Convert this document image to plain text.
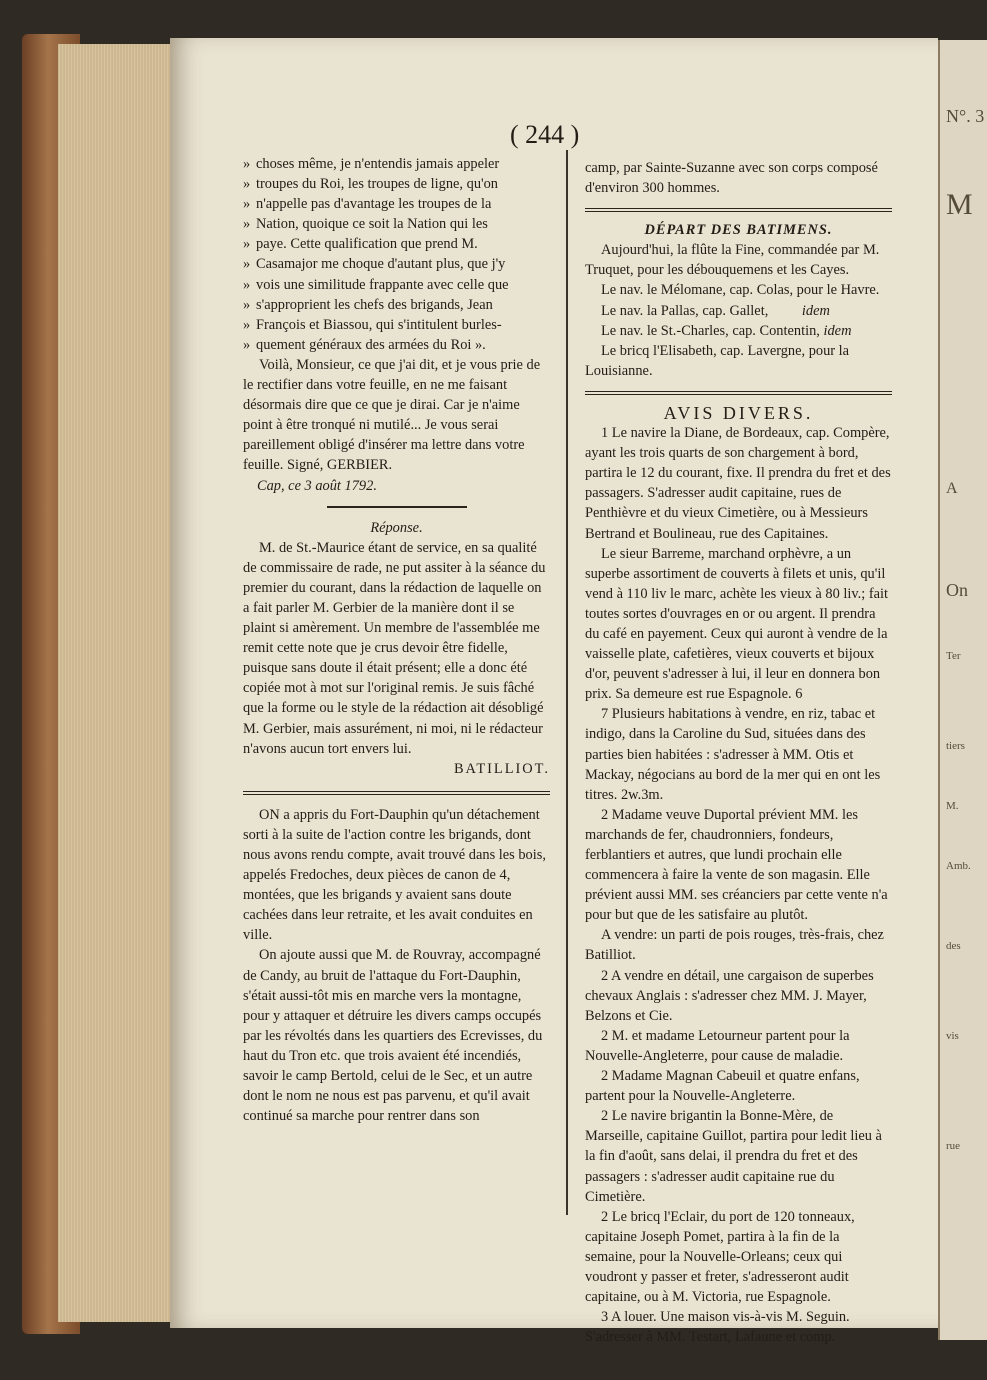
N°. 3
M
A
On
Ter
tiers
M.
Amb.
des
vis
rue
( 244 )

» choses même, je n'entendis jamais appeler

» troupes du Roi, les troupes de ligne, qu'on

» n'appelle pas d'avantage les troupes de la

» Nation, quoique ce soit la Nation qui les

» paye. Cette qualification que prend M.

» Casamajor me choque d'autant plus, que j'y

» vois une similitude frappante avec celle que

» s'approprient les chefs des brigands, Jean

» François et Biassou, qui s'intitulent burles-

» quement généraux des armées du Roi ».

Voilà, Monsieur, ce que j'ai dit, et je vous prie de le rectifier dans votre feuille, en ne me faisant désormais dire que ce que je dirai. Car je n'aime point à être tronqué ni mutilé... Je vous serai pareillement obligé d'insérer ma lettre dans votre feuille. Signé, GERBIER.

Cap, ce 3 août 1792.

Réponse.

M. de St.-Maurice étant de service, en sa qualité de commissaire de rade, ne put assiter à la séance du premier du courant, dans la rédaction de laquelle on a fait parler M. Gerbier de la manière dont il se plaint si amèrement. Un membre de l'assemblée me remit cette note que je crus devoir être fidelle, puisque sans doute il était présent; elle a donc été copiée mot à mot sur l'original remis. Je suis fâché que la forme ou le style de la rédaction ait désobligé M. Gerbier, mais assurément, ni moi, ni le rédacteur n'avons aucun tort envers lui.

BATILLIOT.

ON a appris du Fort-Dauphin qu'un détachement sorti à la suite de l'action contre les brigands, dont nous avons rendu compte, avait trouvé dans les bois, appelés Fredoches, deux pièces de canon de 4, montées, que les brigands y avaient sans doute cachées dans leur retraite, et les avait conduites en ville.

On ajoute aussi que M. de Rouvray, accompagné de Candy, au bruit de l'attaque du Fort-Dauphin, s'était aussi-tôt mis en marche vers la montagne, pour y attaquer et détruire les divers camps occupés par les révoltés dans les quartiers des Ecrevisses, du haut du Tron etc. que trois avaient été incendiés, savoir le camp Bertold, celui de le Sec, et un autre dont le nom ne nous est pas parvenu, et qu'il avait continué sa marche pour rentrer dans son

camp, par Sainte-Suzanne avec son corps composé d'environ 300 hommes.

DÉPART DES BATIMENS.

Aujourd'hui, la flûte la Fine, commandée par M. Truquet, pour les débouquemens et les Cayes.

Le nav. le Mélomane, cap. Colas, pour le Havre.

Le nav. la Pallas, cap. Gallet, idem

Le nav. le St.-Charles, cap. Contentin, idem

Le bricq l'Elisabeth, cap. Lavergne, pour la Louisianne.

AVIS DIVERS.

1 Le navire la Diane, de Bordeaux, cap. Compère, ayant les trois quarts de son chargement à bord, partira le 12 du courant, fixe. Il prendra du fret et des passagers. S'adresser audit capitaine, rues de Penthièvre et du vieux Cimetière, ou à Messieurs Bertrand et Boulineau, rue des Capitaines.

Le sieur Barreme, marchand orphèvre, a un superbe assortiment de couverts à filets et unis, qu'il vend à 110 liv le marc, achète les vieux à 80 liv.; fait toutes sortes d'ouvrages en or ou argent. Il prendra du café en payement. Ceux qui auront à vendre de la vaisselle plate, cafetières, vieux couverts et bijoux d'or, peuvent s'adresser à lui, il leur en donnera bon prix. Sa demeure est rue Espagnole. 6

7 Plusieurs habitations à vendre, en riz, tabac et indigo, dans la Caroline du Sud, situées dans des parties bien habitées : s'adresser à MM. Otis et Mackay, négocians au bord de la mer qui en ont les titres. 2w.3m.

2 Madame veuve Duportal prévient MM. les marchands de fer, chaudronniers, fondeurs, ferblantiers et autres, que lundi prochain elle commencera à faire la vente de son magasin. Elle prévient aussi MM. ses créanciers par cette vente n'a pour but que de les satisfaire au plutôt.

A vendre: un parti de pois rouges, très-frais, chez Batilliot.

2 A vendre en détail, une cargaison de superbes chevaux Anglais : s'adresser chez MM. J. Mayer, Belzons et Cie.

2 M. et madame Letourneur partent pour la Nouvelle-Angleterre, pour cause de maladie.

2 Madame Magnan Cabeuil et quatre enfans, partent pour la Nouvelle-Angleterre.

2 Le navire brigantin la Bonne-Mère, de Marseille, capitaine Guillot, partira pour ledit lieu à la fin d'août, sans delai, il prendra du fret et des passagers : s'adresser audit capitaine rue du Cimetière.

2 Le bricq l'Eclair, du port de 120 tonneaux, capitaine Joseph Pomet, partira à la fin de la semaine, pour la Nouvelle-Orleans; ceux qui voudront y passer et freter, s'adresseront audit capitaine, ou à M. Victoria, rue Espagnole.

3 A louer. Une maison vis-à-vis M. Seguin. S'adresser à MM. Testart, Lafaune et comp.
